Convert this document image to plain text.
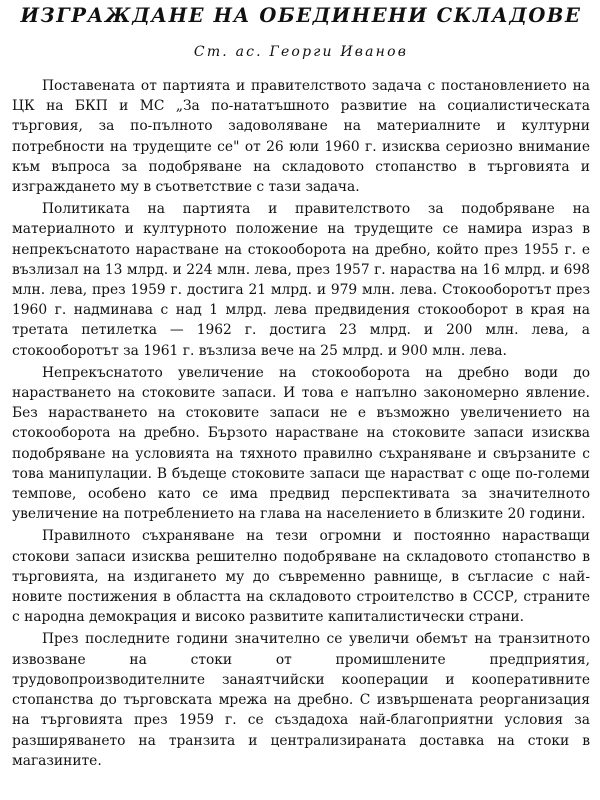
ИЗГРАЖДАНЕ НА ОБЕДИНЕНИ СКЛАДОВЕ
Ст. ас. Георги Иванов

Поставената от партията и правителството задача с постановлението на ЦК на БКП и МС „За по-нататъшното развитие на социалистическата търговия, за по-пълното задоволяване на материалните и културни потребности на трудещите се" от 26 юли 1960 г. изисква сериозно внимание към въпроса за подобряване на складовото стопанство в търговията и изграждането му в съответствие с тази задача.

Политиката на партията и правителството за подобряване на материалното и културното положение на трудещите се намира израз в непрекъснатото нарастване на стокооборота на дребно, който през 1955 г. е възлизал на 13 млрд. и 224 млн. лева, през 1957 г. нараства на 16 млрд. и 698 млн. лева, през 1959 г. достига 21 млрд. и 979 млн. лева. Стокооборотът през 1960 г. надминава с над 1 млрд. лева предвидения стокооборот в края на третата петилетка — 1962 г. достига 23 млрд. и 200 млн. лева, а стокооборотът за 1961 г. възлиза вече на 25 млрд. и 900 млн. лева.

Непрекъснатото увеличение на стокооборота на дребно води до нарастването на стоковите запаси. И това е напълно закономерно явление. Без нарастването на стоковите запаси не е възможно увеличението на стокооборота на дребно. Бързото нарастване на стоковите запаси изисква подобряване на условията на тяхното правилно съхраняване и свързаните с това манипулации. В бъдеще стоковите запаси ще нарастват с още по-големи темпове, особено като се има предвид перспективата за значителното увеличение на потреблението на глава на населението в близките 20 години.

Правилното съхраняване на тези огромни и постоянно нарастващи стокови запаси изисква решително подобряване на складовото стопанство в търговията, на издигането му до съвременно равнище, в съгласие с най-новите постижения в областта на складовото строителство в СССР, страните с народна демокрация и високо развитите капиталистически страни.

През последните години значително се увеличи обемът на транзитното извозване на стоки от промишлените предприятия, трудовопроизводителните занаятчийски кооперации и кооперативните стопанства до търговската мрежа на дребно. С извършената реорганизация на търговията през 1959 г. се създадоха най-благоприятни условия за разширяването на транзита и централизираната доставка на стоки в магазините.
